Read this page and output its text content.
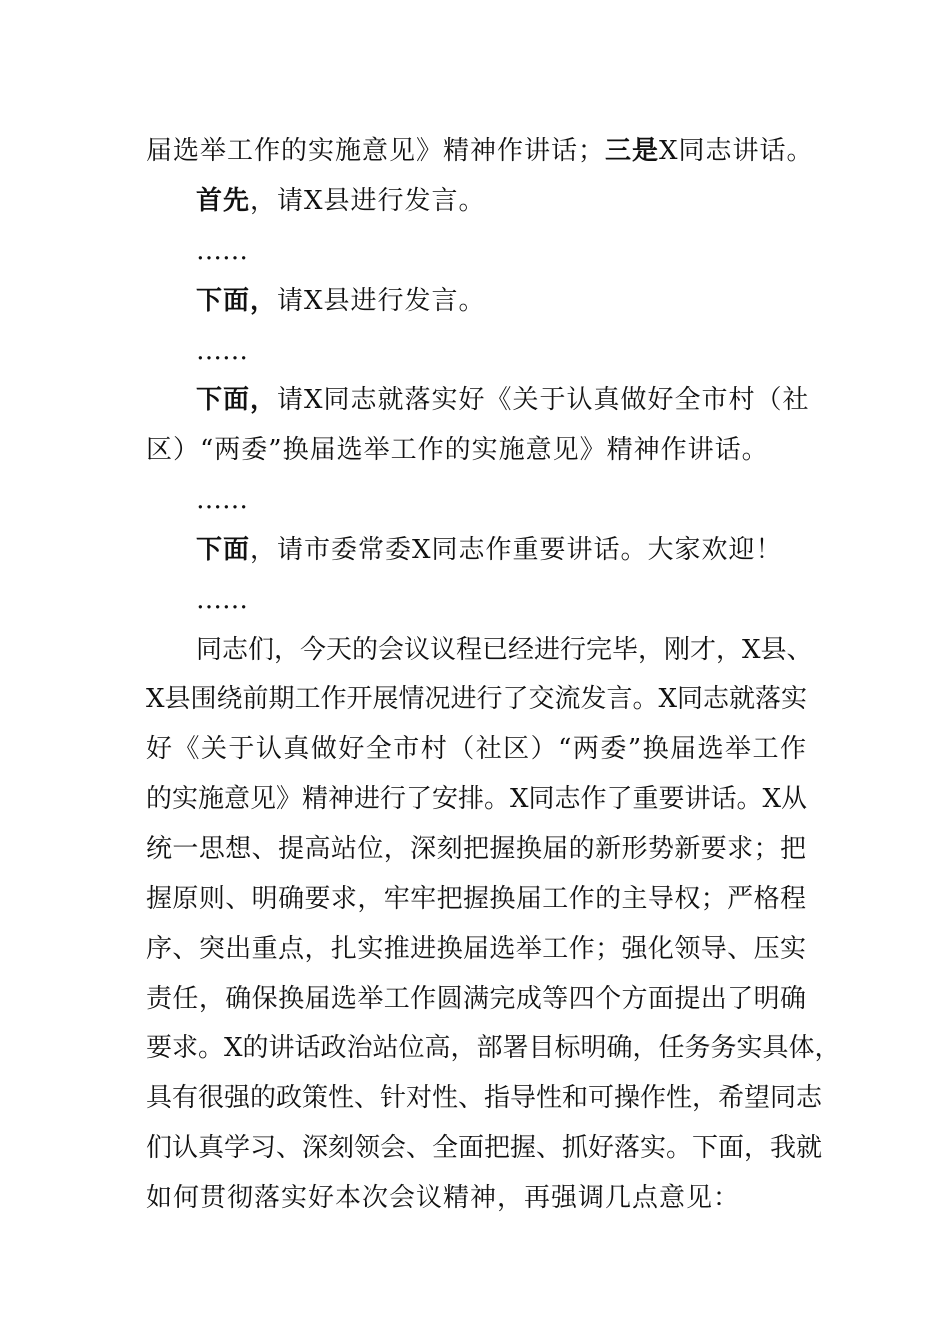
届选举工作的实施意见》精神作讲话；三是X同志讲话。
首先，请X县进行发言。
……
下面，请X县进行发言。
……
下面，请X同志就落实好《关于认真做好全市村（社
区）“两委”换届选举工作的实施意见》精神作讲话。
……
下面，请市委常委X同志作重要讲话。大家欢迎！
……
同志们，今天的会议议程已经进行完毕，刚才，X县、
X县围绕前期工作开展情况进行了交流发言。X同志就落实
好《关于认真做好全市村（社区）“两委”换届选举工作
的实施意见》精神进行了安排。X同志作了重要讲话。X从
统一思想、提高站位，深刻把握换届的新形势新要求；把
握原则、明确要求，牢牢把握换届工作的主导权；严格程
序、突出重点，扎实推进换届选举工作；强化领导、压实
责任，确保换届选举工作圆满完成等四个方面提出了明确
要求。X的讲话政治站位高，部署目标明确，任务务实具体，
具有很强的政策性、针对性、指导性和可操作性，希望同志
们认真学习、深刻领会、全面把握、抓好落实。下面，我就
如何贯彻落实好本次会议精神，再强调几点意见：
